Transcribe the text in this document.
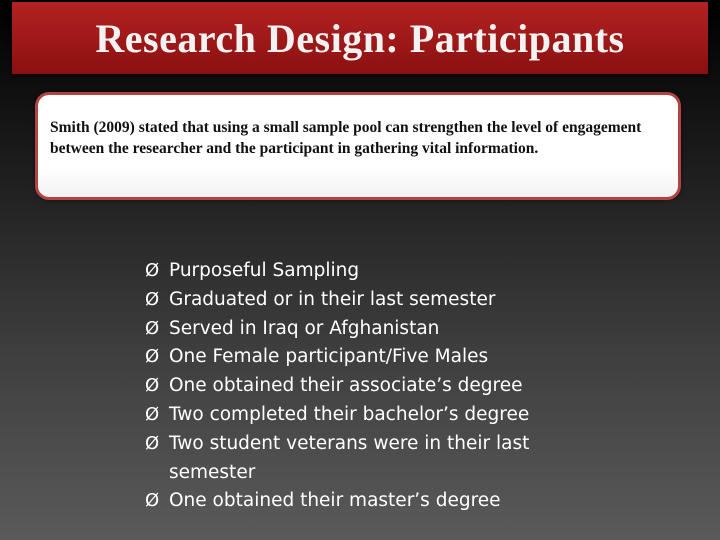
Research Design: Participants
Smith (2009) stated that using a small sample pool can strengthen the level of engagement between the researcher and the participant in gathering vital information.
Ø Purposeful Sampling
Ø Graduated or in their last semester
Ø Served in Iraq or Afghanistan
Ø One Female participant/Five Males
Ø One obtained their associate’s degree
Ø Two completed their bachelor’s degree
Ø Two student veterans were in their last semester
Ø One obtained their master’s degree
